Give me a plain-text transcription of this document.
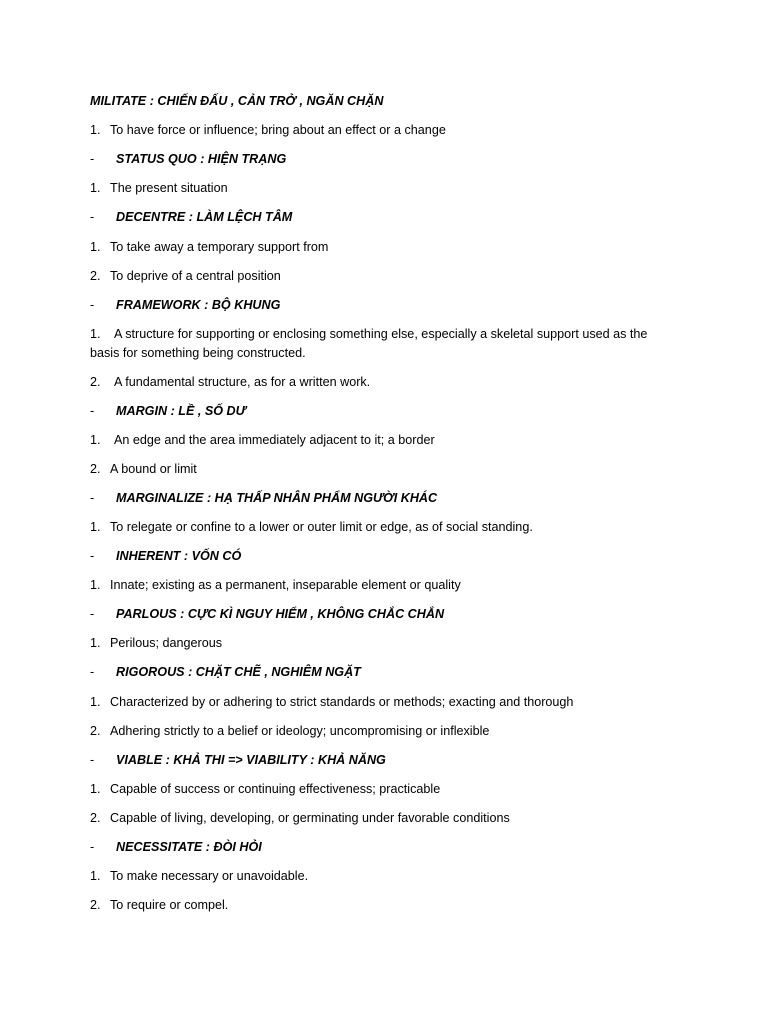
MILITATE : CHIẾN ĐẤU , CẢN TRỞ , NGĂN CHẶN
1. To have force or influence; bring about an effect or a change
- STATUS QUO : HIỆN TRẠNG
1. The present situation
- DECENTRE : LÀM LỆCH TÂM
1. To take away a temporary support from
2. To deprive of a central position
- FRAMEWORK : BỘ KHUNG
1. A structure for supporting or enclosing something else, especially a skeletal support used as the basis for something being constructed.
2. A fundamental structure, as for a written work.
- MARGIN : LỀ , SỐ DƯ
1. An edge and the area immediately adjacent to it; a border
2. A bound or limit
- MARGINALIZE : HẠ THẤP NHÂN PHẨM NGƯỜI KHÁC
1. To relegate or confine to a lower or outer limit or edge, as of social standing.
- INHERENT : VỐN CÓ
1. Innate; existing as a permanent, inseparable element or quality
- PARLOUS : CỰC KÌ NGUY HIỂM , KHÔNG CHẮC CHẮN
1. Perilous; dangerous
- RIGOROUS : CHẶT CHẼ , NGHIÊM NGẶT
1. Characterized by or adhering to strict standards or methods; exacting and thorough
2. Adhering strictly to a belief or ideology; uncompromising or inflexible
- VIABLE : KHẢ THI => VIABILITY : KHẢ NĂNG
1. Capable of success or continuing effectiveness; practicable
2. Capable of living, developing, or germinating under favorable conditions
- NECESSITATE : ĐÒI HỎI
1. To make necessary or unavoidable.
2. To require or compel.
